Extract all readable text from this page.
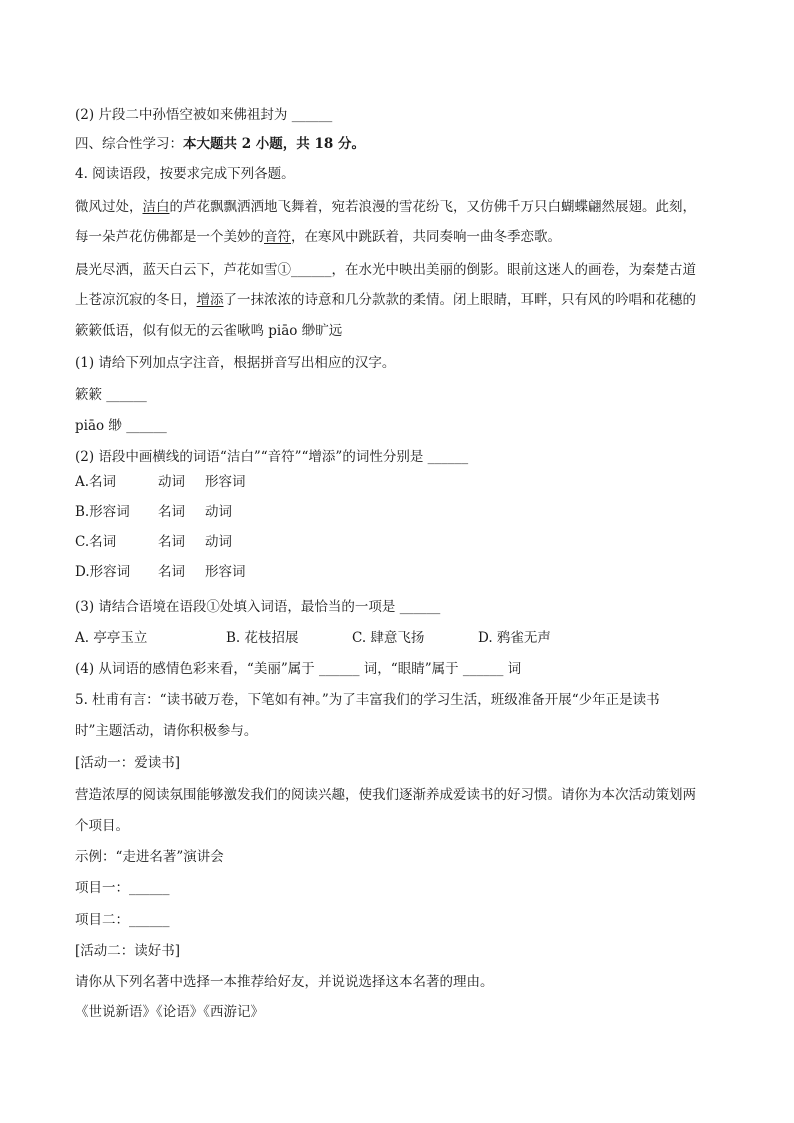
(2) 片段二中孙悟空被如来佛祖封为 ______
四、综合性学习：本大题共 2 小题，共 18 分。
4. 阅读语段，按要求完成下列各题。
微风过处，洁白的芦花飘飘洒洒地飞舞着，宛若浪漫的雪花纷飞，又仿佛千万只白蝴蝶翩然展翅。此刻，
每一朵芦花仿佛都是一个美妙的音符，在寒风中跳跃着，共同奏响一曲冬季恋歌。
晨光尽洒，蓝天白云下，芦花如雪①______，在水光中映出美丽的倒影。眼前这迷人的画卷，为秦楚古道
上苍凉沉寂的冬日，增添了一抹浓浓的诗意和几分款款的柔情。闭上眼睛，耳畔，只有风的吟唱和花穗的
簌簌低语，似有似无的云雀啾鸣 piāo 缈旷远
(1) 请给下列加点字注音，根据拼音写出相应的汉字。
簌簌 ______
piāo 缈 ______
(2) 语段中画横线的词语“洁白”“音符”“增添”的词性分别是 ______
A.名词	动词 形容词
B.形容词 名词 动词
C.名词	名词 动词
D.形容词 名词 形容词
(3) 请结合语境在语段①处填入词语，最恰当的一项是 ______
A. 亭亭玉立	B. 花枝招展	C. 肆意飞扬	D. 鸦雀无声
(4) 从词语的感情色彩来看，“美丽”属于 ______ 词，“眼睛”属于 ______ 词
5. 杜甫有言：“读书破万卷，下笔如有神。”为了丰富我们的学习生活，班级准备开展“少年正是读书
时”主题活动，请你积极参与。
[活动一：爱读书]
营造浓厚的阅读氛围能够激发我们的阅读兴趣，使我们逐渐养成爱读书的好习惯。请你为本次活动策划两
个项目。
示例：“走进名著”演讲会
项目一：______
项目二：______
[活动二：读好书]
请你从下列名著中选择一本推荐给好友，并说说选择这本名著的理由。
《世说新语》《论语》《西游记》
